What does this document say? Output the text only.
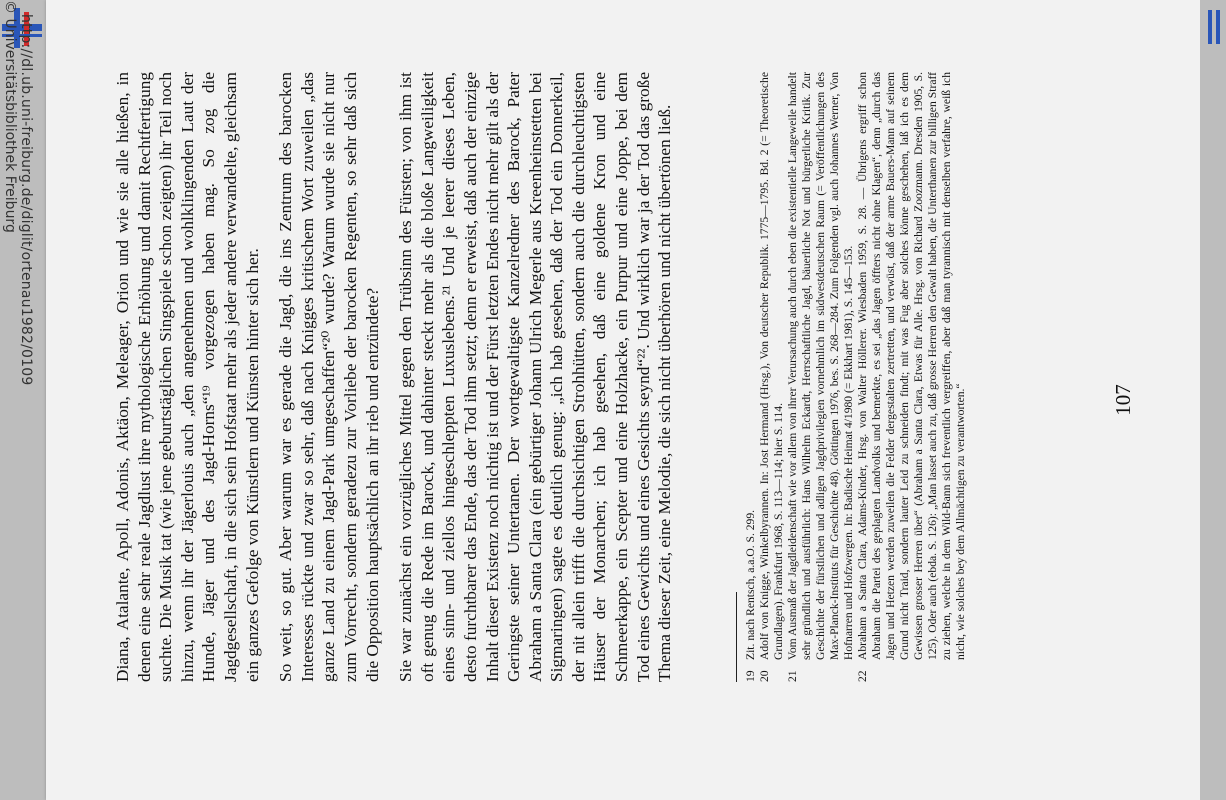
http://dl.ub.uni-freiburg.de/diglit/ortenau1982/0109
© Universitätsbibliothek Freiburg	Diana, Atalante, Apoll, Adonis, Aktäon, Meleager, Orion und wie sie alle hießen, in denen eine sehr reale Jagdlust ihre mythologische Erhöhung und damit Rechtfertigung suchte. Die Musik tat (wie jene geburtstäglichen Singspiele schon zeigten) ihr Teil noch hinzu, wenn ihr der Jägerlouis auch „den angenehmen und wohlklingenden Laut der Hunde, Jäger und des Jagd-Horns“¹⁹ vorgezogen haben mag. So zog die Jagdgesellschaft, in die sich sein Hofstaat mehr als jeder andere verwandelte, gleichsam ein ganzes Gefolge von Künstlern und Künsten hinter sich her. So weit, so gut. Aber warum war es gerade die Jagd, die ins Zentrum des barocken Interesses rückte und zwar so sehr, daß nach Knigges kritischem Wort zuweilen „das ganze Land zu einem Jagd-Park umgeschaffen“²⁰ wurde? Warum wurde sie nicht nur zum Vorrecht, sondern geradezu zur Vorliebe der barocken Regenten, so sehr daß sich die Opposition hauptsächlich an ihr rieb und entzündete? Sie war zunächst ein vorzügliches Mittel gegen den Trübsinn des Fürsten; von ihm ist oft genug die Rede im Barock, und dahinter steckt mehr als die bloße Langweiligkeit eines sinn- und ziellos hingeschleppten Luxuslebens.²¹ Und je leerer dieses Leben, desto furchtbarer das Ende, das der Tod ihm setzt; denn er erweist, daß auch der einzige Inhalt dieser Existenz noch nichtig ist und der Fürst letzten Endes nicht mehr gilt als der Geringste seiner Untertanen. Der wortgewaltigste Kanzelredner des Barock, Pater Abraham a Santa Clara (ein gebürtiger Johann Ulrich Megerle aus Kreenheinstetten bei Sigmaringen) sagte es deutlich genug: „ich hab gesehen, daß der Tod ein Donnerkeil, der nit allein trifft die durchsichtigen Strohhütten, sondern auch die durchleuchtigsten Häuser der Monarchen; ich hab gesehen, daß eine goldene Kron und eine Schmeerkappe, ein Scepter und eine Holzhacke, ein Purpur und eine Joppe, bei dem Tod eines Gewichts und eines Gesichts seynd“²². Und wirklich war ja der Tod das große Thema dieser Zeit, eine Melodie, die sich nicht überhören und nicht übertönen ließ.	19
Zit. nach Rentsch, a.a.O. S. 299.
20
Adolf von Knigge, Winkelbyrannen. In: Jost Hermand (Hrsg.), Von deutscher Republik. 1775—1795. Bd. 2 (= Theoretische Grundlagen). Frankfurt 1968, S. 113—114; hier S. 114.
21
Vom Ausmaß der Jagdleidenschaft wie vor allem von ihrer Verursachung auch durch eben die existentielle Langeweile handelt sehr gründlich und ausführlich: Hans Wilhelm Eckardt, Herrschaftliche Jagd, bäuerliche Not und bürgerliche Kritik. Zur Geschichte der fürstlichen und adligen Jagdprivilegien vornehmlich im südwestdeutschen Raum (= Veröffentlichungen des Max-Planck-Instituts für Geschichte 48). Göttingen 1976, bes. S. 268—284. Zum Folgenden vgl. auch Johannes Werner, Von Hofnarren und Hofzwergen. In: Badische Heimat 4/1980 (= Ekkhart 1981), S. 145—153.
22
Abraham a Santa Clara, Adams-Kinder, Hrsg. von Walter Höllerer. Wiesbaden 1959, S. 28. — Übrigens ergriff schon Abraham die Partei des geplagten Landvolks und bemerkte, es sei „das Jagen öffters nicht ohne Klagen“, denn „durch das Jagen und Hetzen werden zuweilen die Felder dergestalten zertretten, und verwüst, daß der arme Bauers-Mann auf seinem Grund nicht Traid, sondern lauter Leid zu schneiden findt; mit was Fug aber solches könne geschehen, laß ich es dem Gewissen grosser Herren über“ (Abraham a Santa Clara, Etwas für Alle. Hrsg. von Richard Zoozmann. Dresden 1905, S. 125). Oder auch (ebda. S. 126): „Man lasset auch zu, daß grosse Herren den Gewalt haben, die Unterthanen zur billigen Straff zu ziehen, welche in dem Wild-Bann sich freventlich vergreiffen, aber daß man tyrannisch mit denselben verfahre, weiß ich nicht, wie solches bey dem Allmächtigen zu verantworten.“	107
